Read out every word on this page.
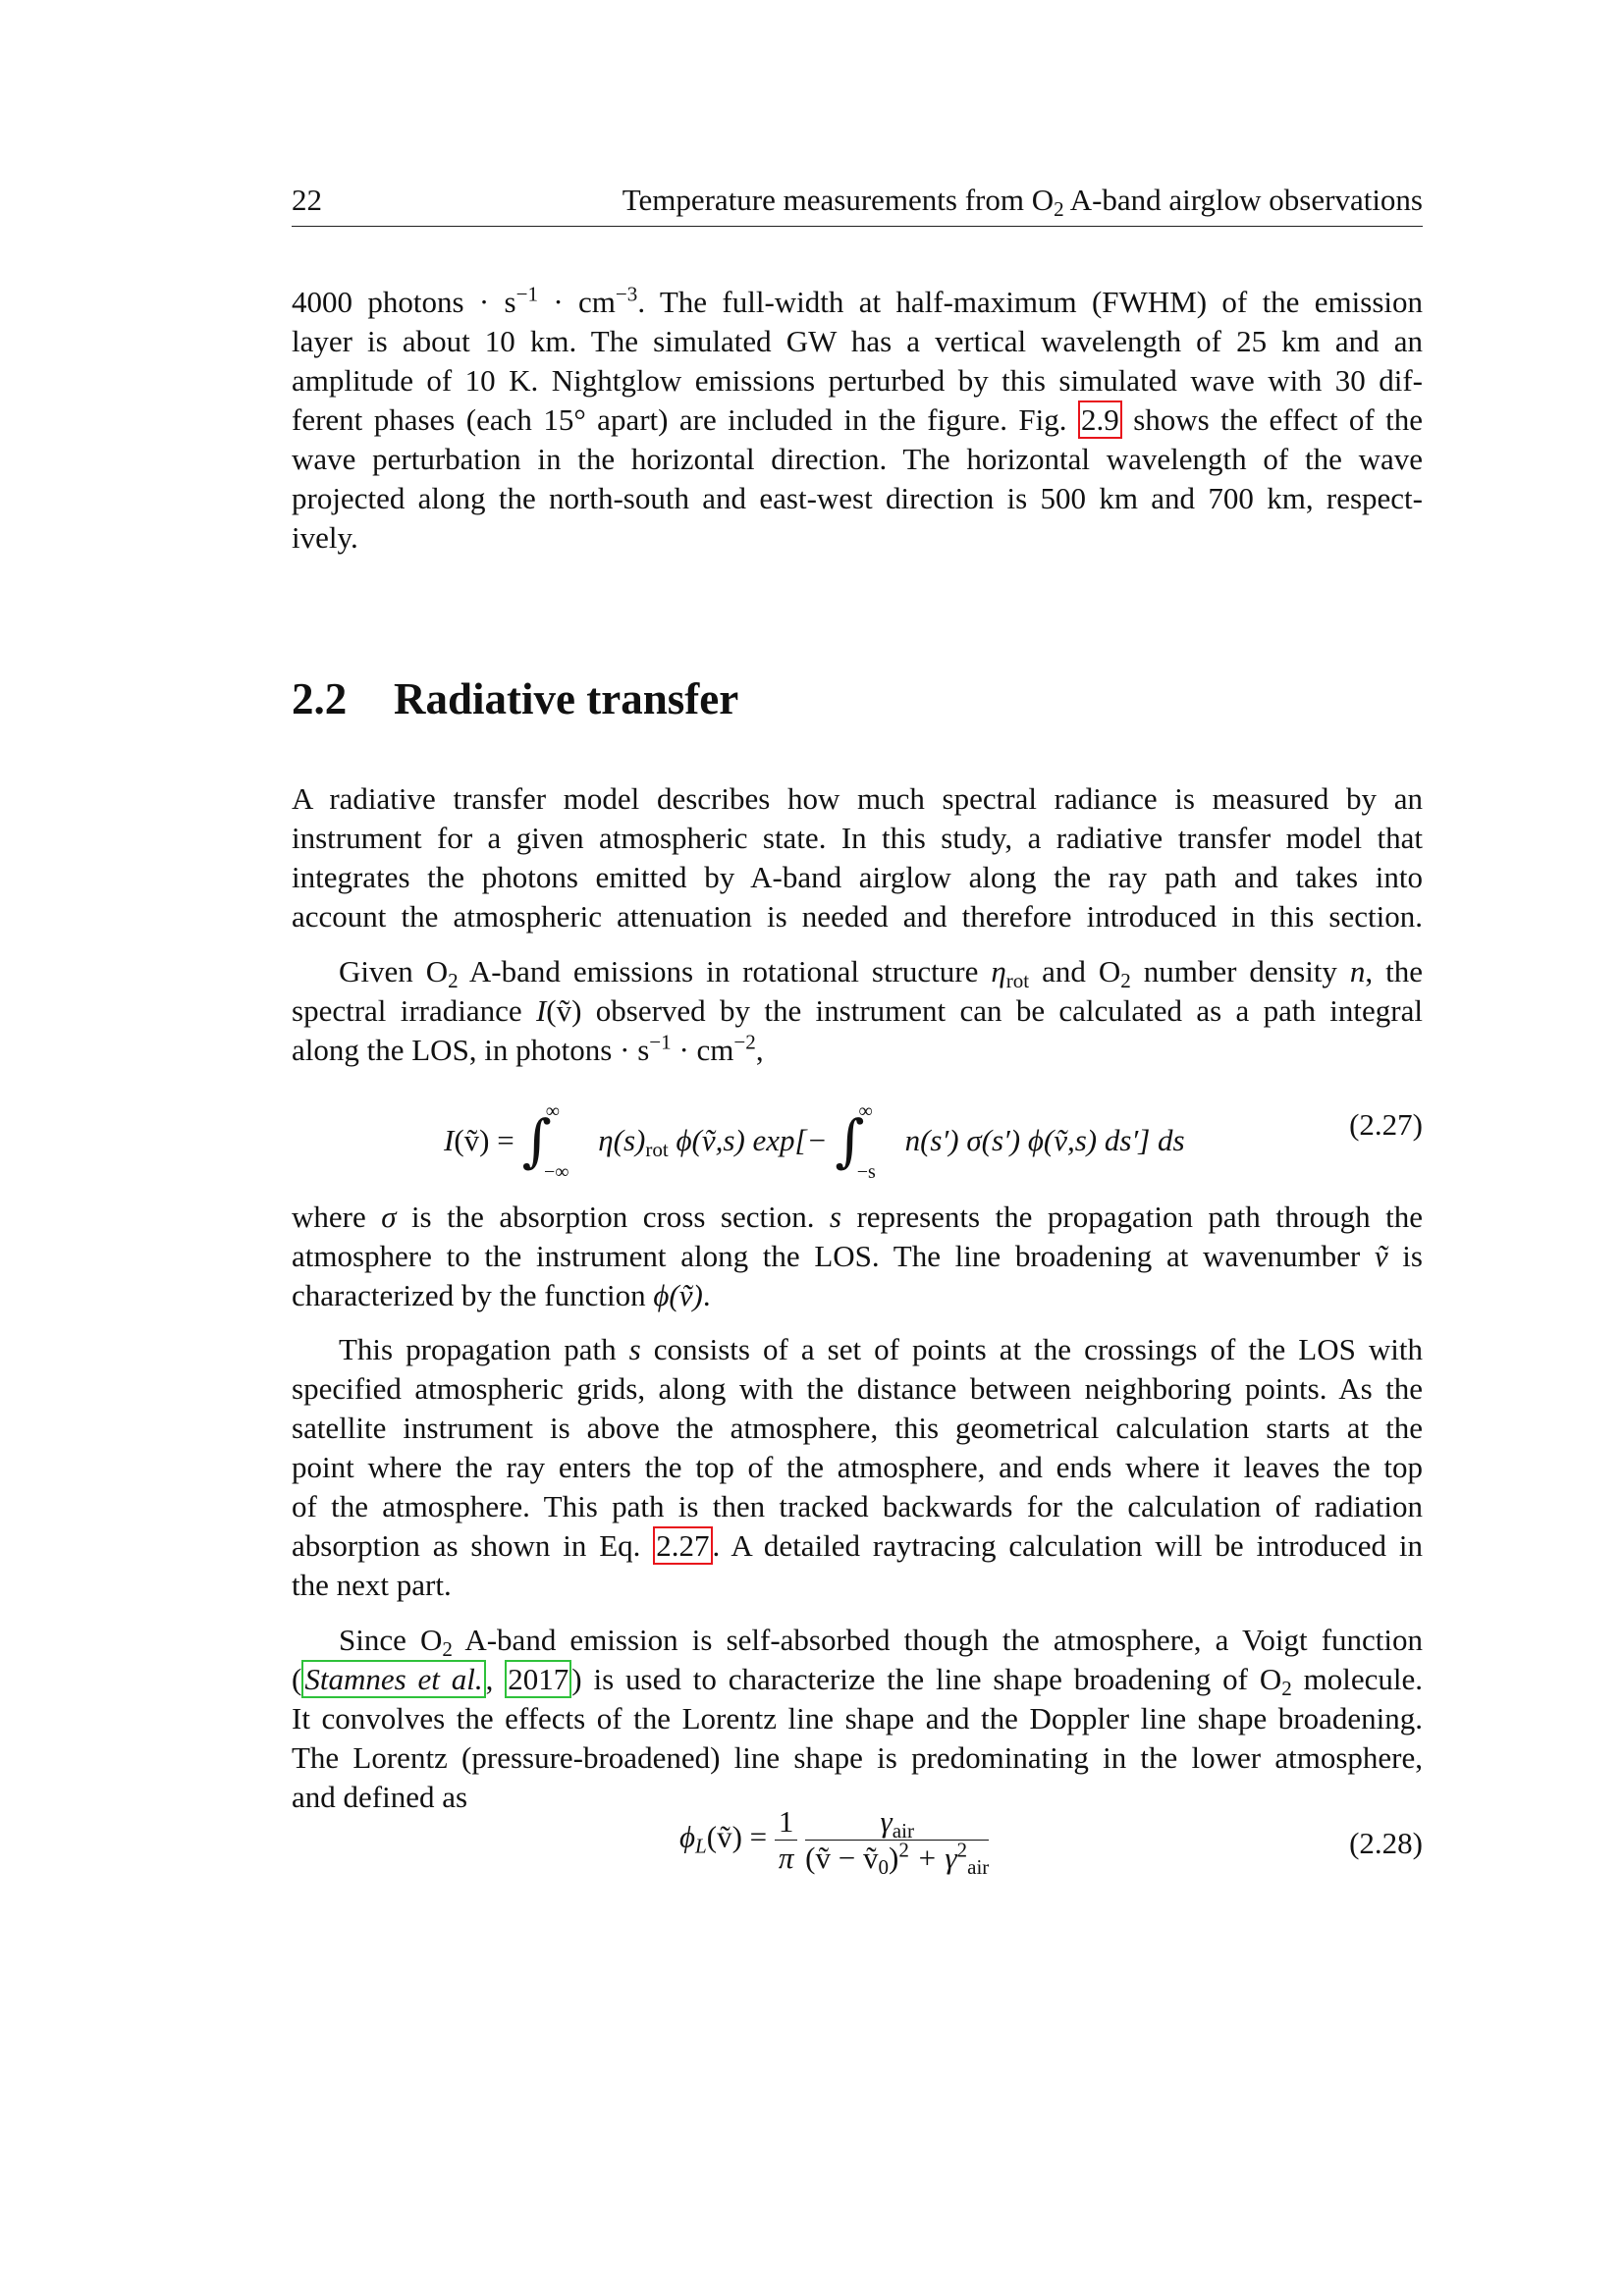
22	Temperature measurements from $O_2$ A-band airglow observations
4000 photons · $s^{-1} \cdot cm^{-3}$. The full-width at half-maximum (FWHM) of the emission
layer is about 10 km. The simulated GW has a vertical wavelength of 25 km and an
amplitude of 10 K. Nightglow emissions perturbed by this simulated wave with 30 dif-
ferent phases (each 15° apart) are included in the figure. Fig. 2.9 shows the effect of the
wave perturbation in the horizontal direction. The horizontal wavelength of the wave
projected along the north-south and east-west direction is 500 km and 700 km, respect-
ively.
2.2 Radiative transfer
A radiative transfer model describes how much spectral radiance is measured by an
instrument for a given atmospheric state. In this study, a radiative transfer model that
integrates the photons emitted by A-band airglow along the ray path and takes into
account the atmospheric attenuation is needed and therefore introduced in this section.
Given $O_2$ A-band emissions in rotational structure $\eta_{rot}$ and $O_2$ number density n, the
spectral irradiance I(ṽ) observed by the instrument can be calculated as a path integral
along the LOS, in photons · $s^{-1} \cdot cm^{-2}$,
I(ṽ) = $\int^\infty_{-\infty}$ $\eta(s)_{rot}$ ϕ(ṽ,s) $\exp[- \int^\infty_{-s}$ n(s′) σ(s′) ϕ(ṽ,s) ds′] ds	(2.27)
where σ is the absorption cross section. s represents the propagation path through the
atmosphere to the instrument along the LOS. The line broadening at wavenumber ṽ is
characterized by the function ϕ(ṽ).
This propagation path s consists of a set of points at the crossings of the LOS with
specified atmospheric grids, along with the distance between neighboring points. As the
satellite instrument is above the atmosphere, this geometrical calculation starts at the
point where the ray enters the top of the atmosphere, and ends where it leaves the top
of the atmosphere. This path is then tracked backwards for the calculation of radiation
absorption as shown in Eq. 2.27. A detailed raytracing calculation will be introduced in
the next part.
Since $O_2$ A-band emission is self-absorbed though the atmosphere, a Voigt function
(Stamnes et al., 2017) is used to characterize the line shape broadening of $O_2$ molecule.
It convolves the effects of the Lorentz line shape and the Doppler line shape broadening.
The Lorentz (pressure-broadened) line shape is predominating in the lower atmosphere,
and defined as
$\phi_L(ṽ) = \frac{1}{\pi}$
$\frac{\gamma_{air}}{(ṽ - ṽ_0)^2 + \gamma^2_{air}}$	(2.28)
